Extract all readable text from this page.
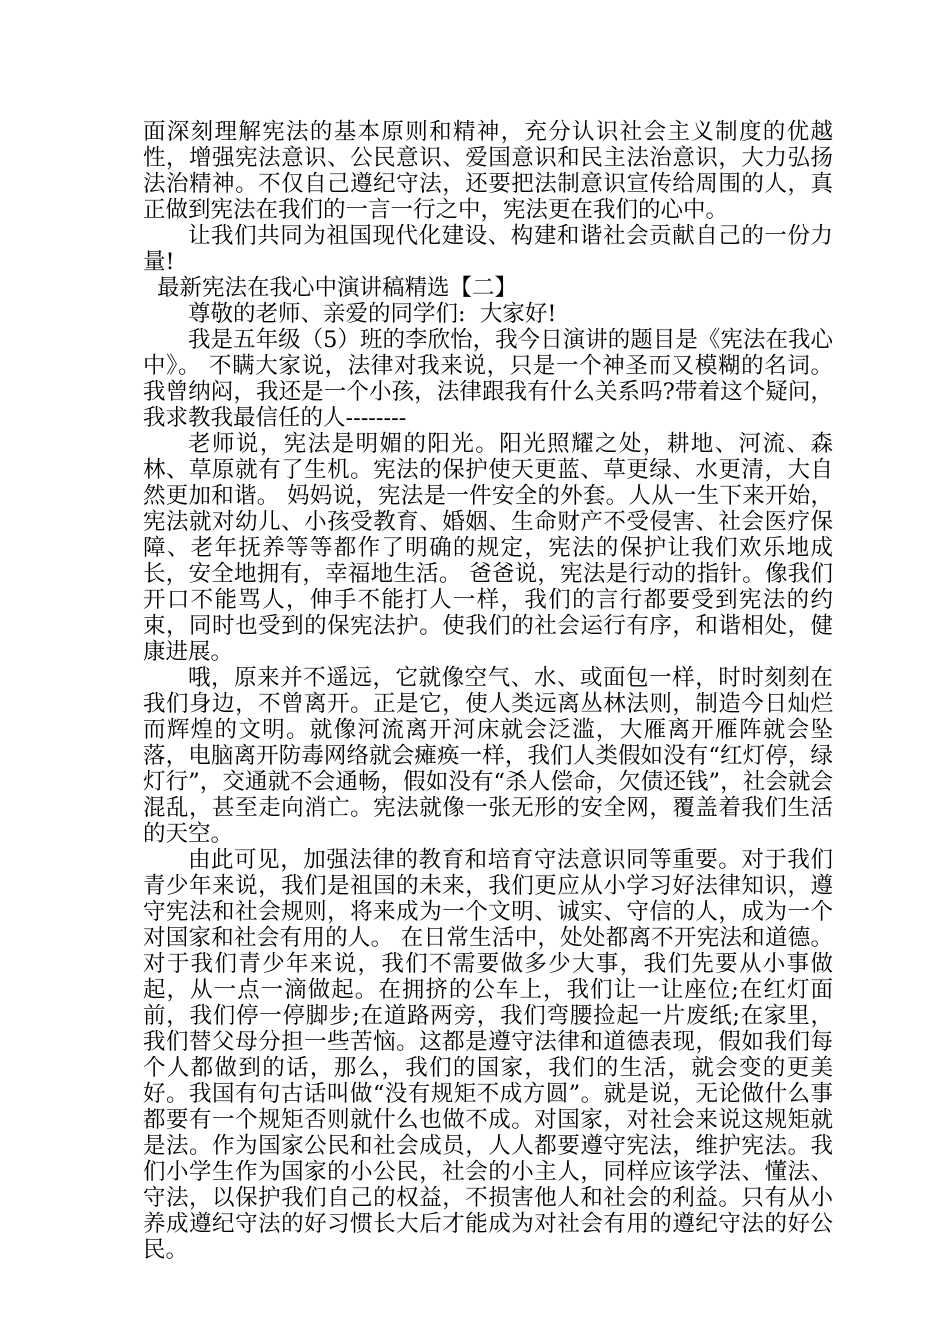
面深刻理解宪法的基本原则和精神，充分认识社会主义制度的优越性，增强宪法意识、公民意识、爱国意识和民主法治意识，大力弘扬法治精神。不仅自己遵纪守法，还要把法制意识宣传给周围的人，真正做到宪法在我们的一言一行之中，宪法更在我们的心中。

让我们共同为祖国现代化建设、构建和谐社会贡献自己的一份力量!

最新宪法在我心中演讲稿精选【二】

尊敬的老师、亲爱的同学们:  大家好!

我是五年级（5）班的李欣怡，我今日演讲的题目是《宪法在我心中》。 不瞒大家说，法律对我来说，只是一个神圣而又模糊的名词。我曾纳闷，我还是一个小孩，法律跟我有什么关系吗?带着这个疑问，我求教我最信任的人--------

老师说，宪法是明媚的阳光。阳光照耀之处，耕地、河流、森林、草原就有了生机。宪法的保护使天更蓝、草更绿、水更清，大自然更加和谐。 妈妈说，宪法是一件安全的外套。人从一生下来开始，宪法就对幼儿、小孩受教育、婚姻、生命财产不受侵害、社会医疗保障、老年抚养等等都作了明确的规定，宪法的保护让我们欢乐地成长，安全地拥有，幸福地生活。 爸爸说，宪法是行动的指针。像我们开口不能骂人，伸手不能打人一样，我们的言行都要受到宪法的约束，同时也受到的保宪法护。使我们的社会运行有序，和谐相处，健康进展。

哦，原来并不遥远，它就像空气、水、或面包一样，时时刻刻在我们身边，不曾离开。正是它，使人类远离丛林法则，制造今日灿烂而辉煌的文明。就像河流离开河床就会泛滥，大雁离开雁阵就会坠落，电脑离开防毒网络就会瘫痪一样，我们人类假如没有“红灯停，绿灯行”，交通就不会通畅，假如没有“杀人偿命，欠债还钱”，社会就会混乱，甚至走向消亡。宪法就像一张无形的安全网，覆盖着我们生活的天空。

由此可见，加强法律的教育和培育守法意识同等重要。对于我们青少年来说，我们是祖国的未来，我们更应从小学习好法律知识，遵守宪法和社会规则，将来成为一个文明、诚实、守信的人，成为一个对国家和社会有用的人。 在日常生活中，处处都离不开宪法和道德。对于我们青少年来说，我们不需要做多少大事，我们先要从小事做起，从一点一滴做起。在拥挤的公车上，我们让一让座位;在红灯面前，我们停一停脚步;在道路两旁，我们弯腰捡起一片废纸;在家里，我们替父母分担一些苦恼。这都是遵守法律和道德表现，假如我们每个人都做到的话，那么，我们的国家，我们的生活，就会变的更美好。我国有句古话叫做“没有规矩不成方圆”。就是说，无论做什么事都要有一个规矩否则就什么也做不成。对国家，对社会来说这规矩就是法。作为国家公民和社会成员，人人都要遵守宪法，维护宪法。我们小学生作为国家的小公民，社会的小主人，同样应该学法、懂法、守法，以保护我们自己的权益，不损害他人和社会的利益。只有从小养成遵纪守法的好习惯长大后才能成为对社会有用的遵纪守法的好公民。
